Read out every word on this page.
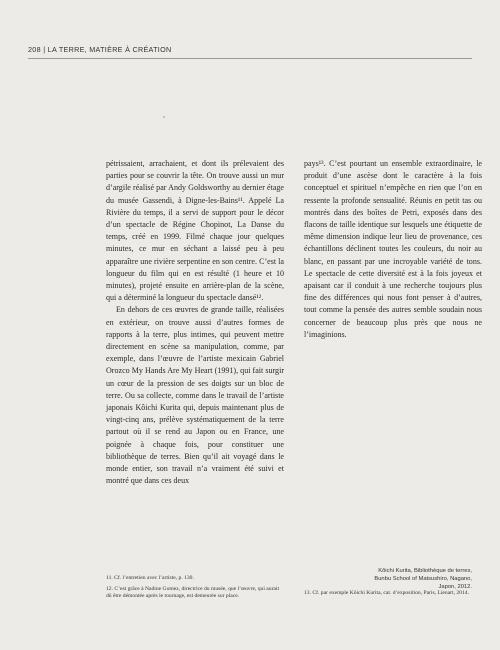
208 | LA TERRE, MATIÈRE À CRÉATION

pétrissaient, arrachaient, et dont ils prélevaient des parties pour se couvrir la tête. On trouve aussi un mur d’argile réalisé par Andy Goldsworthy au dernier étage du musée Gassendi, à Digne-les-Bains¹¹. Appelé La Rivière du temps, il a servi de support pour le décor d’un spectacle de Régine Chopinot, La Danse du temps, créé en 1999. Filmé chaque jour quelques minutes, ce mur en séchant a laissé peu à peu apparaître une rivière serpentine en son centre. C’est la longueur du film qui en est résulté (1 heure et 10 minutes), projeté ensuite en arrière-plan de la scène, qui a déterminé la longueur du spectacle dansé¹².

En dehors de ces œuvres de grande taille, réalisées en extérieur, on trouve aussi d’autres formes de rapports à la terre, plus intimes, qui peuvent mettre directement en scène sa manipulation, comme, par exemple, dans l’œuvre de l’artiste mexicain Gabriel Orozco My Hands Are My Heart (1991), qui fait surgir un cœur de la pression de ses doigts sur un bloc de terre. Ou sa collecte, comme dans le travail de l’artiste japonais Kôichi Kurita qui, depuis maintenant plus de vingt-cinq ans, prélève systématiquement de la terre partout où il se rend au Japon ou en France, une poignée à chaque fois, pour constituer une bibliothèque de terres. Bien qu’il ait voyagé dans le monde entier, son travail n’a vraiment été suivi et montré que dans ces deux

pays¹³. C’est pourtant un ensemble extraordinaire, le produit d’une ascèse dont le caractère à la fois conceptuel et spirituel n’empêche en rien que l’on en ressente la profonde sensualité. Réunis en petit tas ou montrés dans des boîtes de Petri, exposés dans des flacons de taille identique sur lesquels une étiquette de même dimension indique leur lieu de provenance, ces échantillons déclinent toutes les couleurs, du noir au blanc, en passant par une incroyable variété de tons. Le spectacle de cette diversité est à la fois joyeux et apaisant car il conduit à une recherche toujours plus fine des différences qui nous font penser à d’autres, tout comme la pensée des autres semble soudain nous concerner de beaucoup plus près que nous ne l’imaginions.

11. Cf. l’entretien avec l’artiste, p. 130.

12. C’est grâce à Nadine Gomez, directrice du musée, que l’œuvre, qui aurait dû être démontée après le tournage, est demeurée sur place.

13. Cf. par exemple Kôichi Kurita, cat. d’exposition, Paris, Lienart, 2014.

Kôichi Kurita, Bibliothèque de terres,
Bunbu School of Matsushiro, Nagano,
Japon, 2012.
